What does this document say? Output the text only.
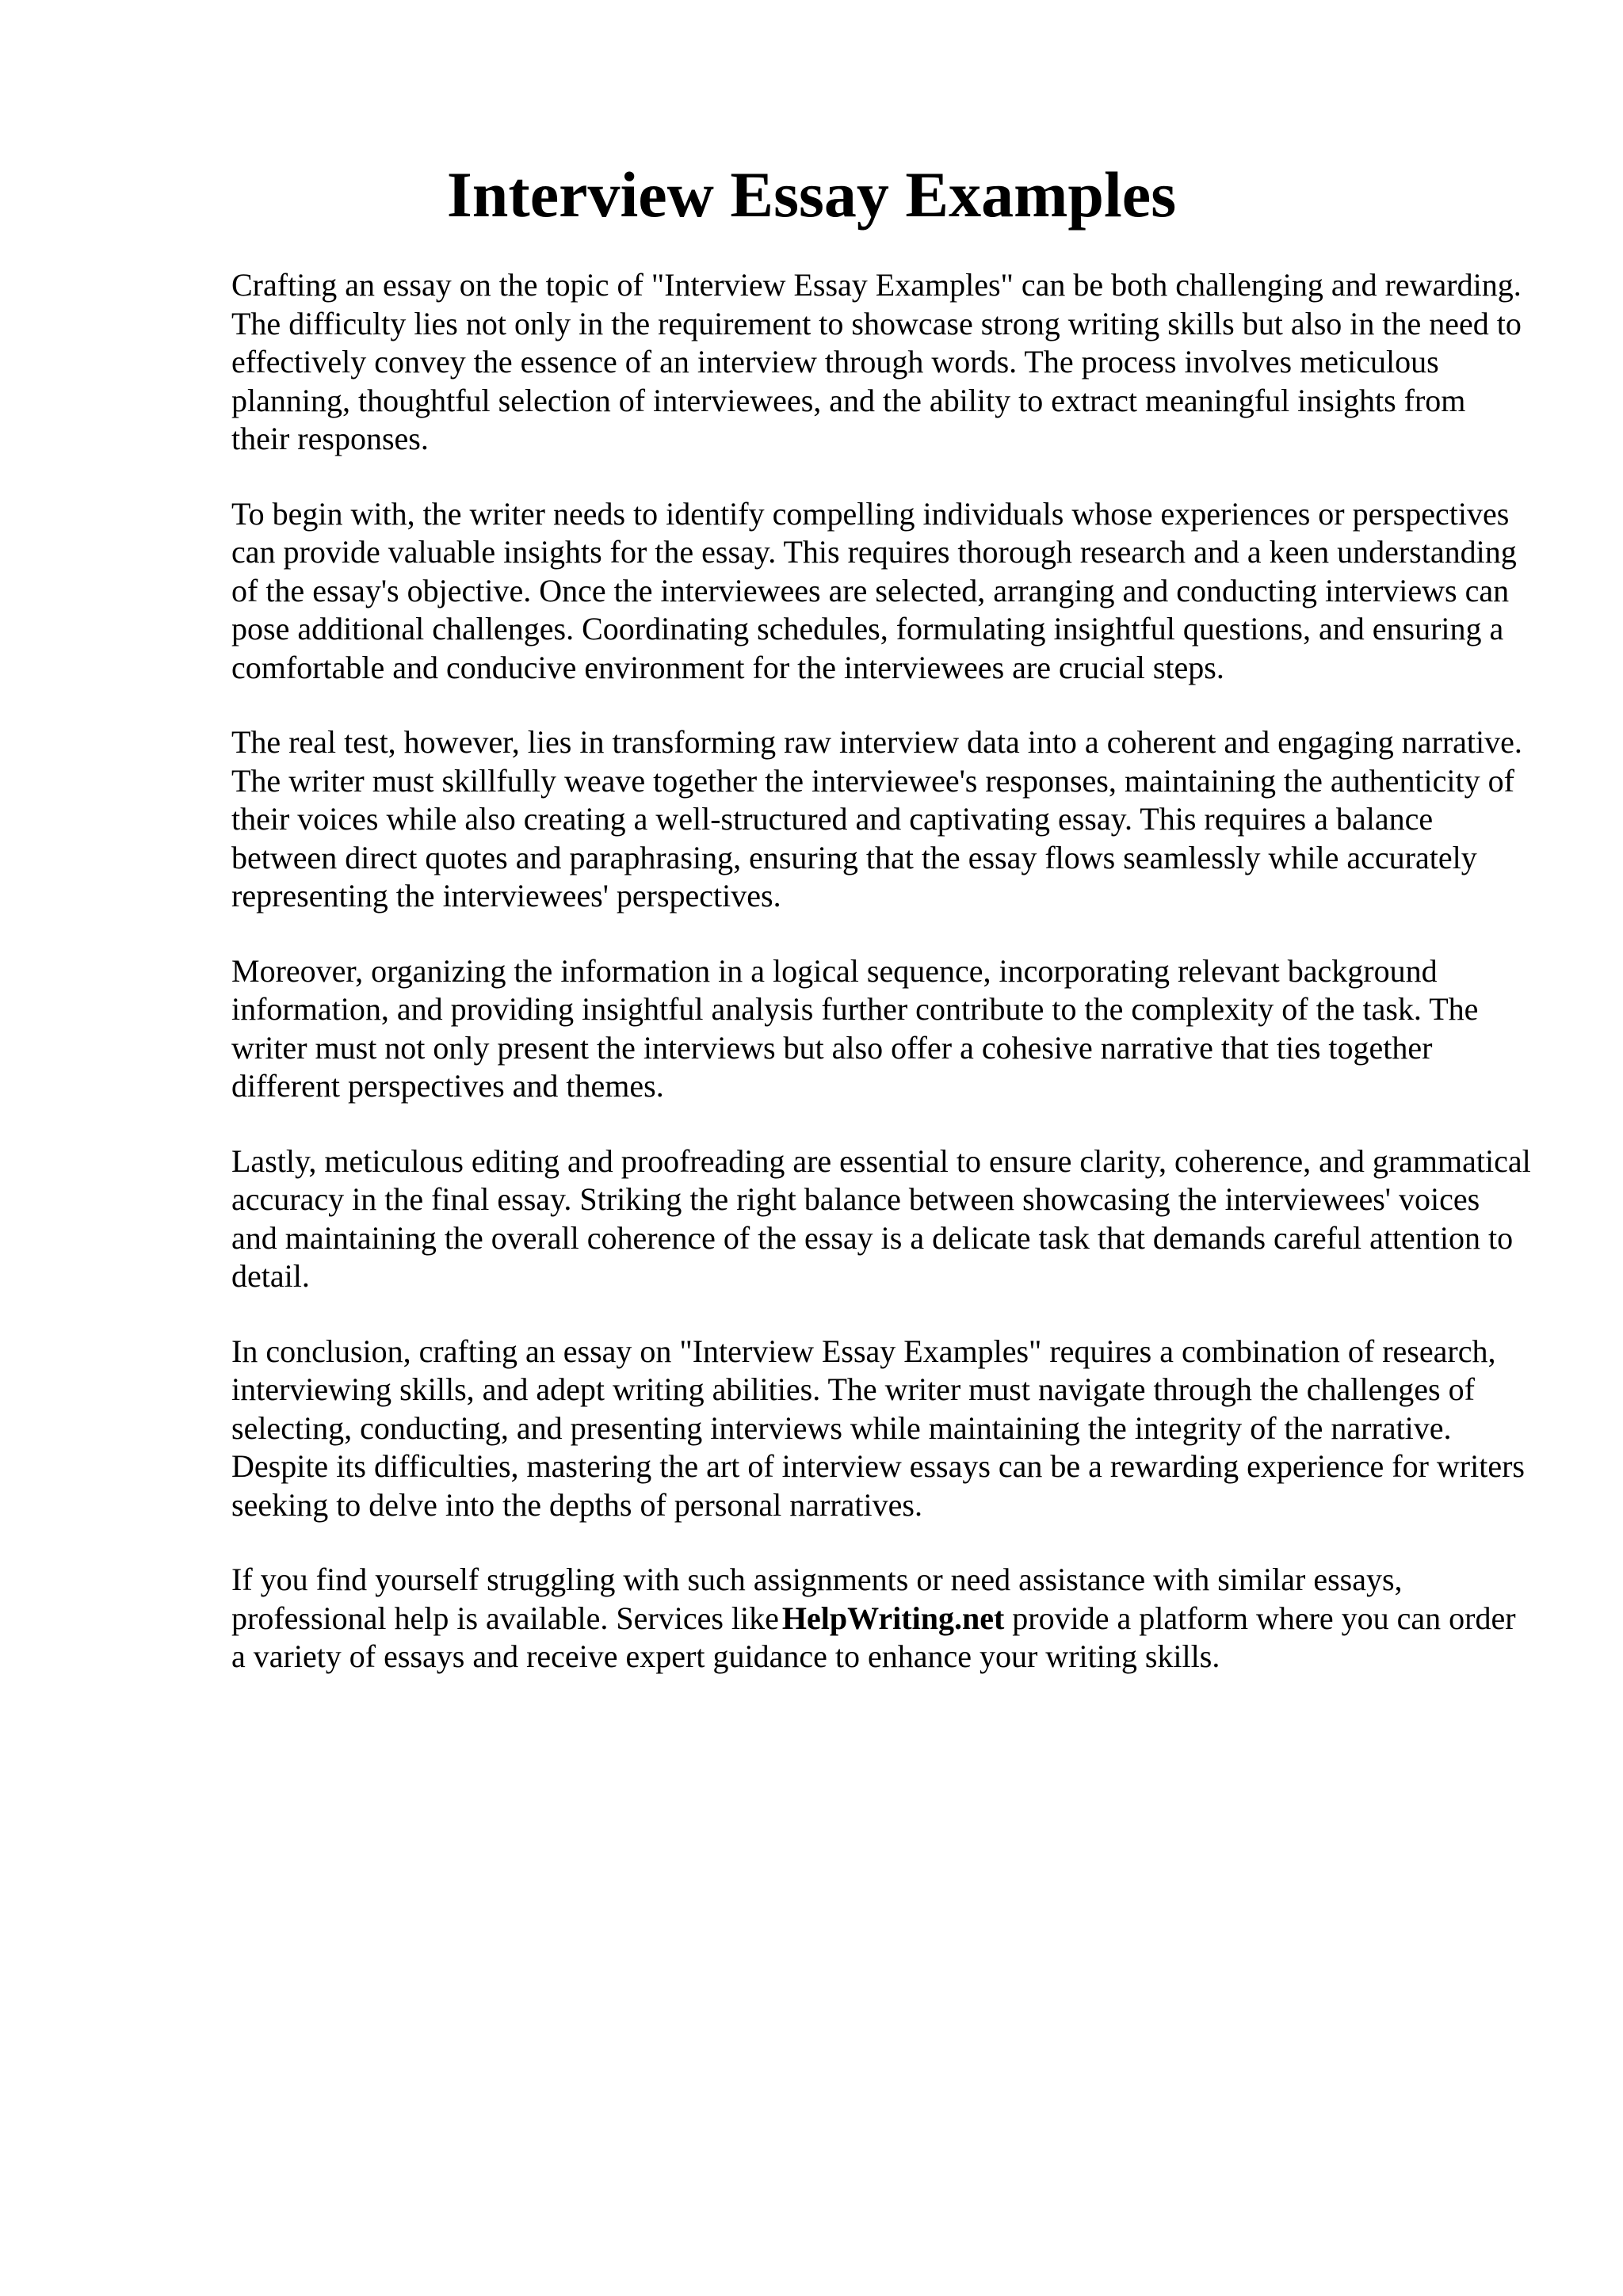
Interview Essay Examples

Crafting an essay on the topic of "Interview Essay Examples" can be both challenging and rewarding. The difficulty lies not only in the requirement to showcase strong writing skills but also in the need to effectively convey the essence of an interview through words. The process involves meticulous planning, thoughtful selection of interviewees, and the ability to extract meaningful insights from their responses.

To begin with, the writer needs to identify compelling individuals whose experiences or perspectives can provide valuable insights for the essay. This requires thorough research and a keen understanding of the essay's objective. Once the interviewees are selected, arranging and conducting interviews can pose additional challenges. Coordinating schedules, formulating insightful questions, and ensuring a comfortable and conducive environment for the interviewees are crucial steps.

The real test, however, lies in transforming raw interview data into a coherent and engaging narrative. The writer must skillfully weave together the interviewee's responses, maintaining the authenticity of their voices while also creating a well-structured and captivating essay. This requires a balance between direct quotes and paraphrasing, ensuring that the essay flows seamlessly while accurately representing the interviewees' perspectives.

Moreover, organizing the information in a logical sequence, incorporating relevant background information, and providing insightful analysis further contribute to the complexity of the task. The writer must not only present the interviews but also offer a cohesive narrative that ties together different perspectives and themes.

Lastly, meticulous editing and proofreading are essential to ensure clarity, coherence, and grammatical accuracy in the final essay. Striking the right balance between showcasing the interviewees' voices and maintaining the overall coherence of the essay is a delicate task that demands careful attention to detail.

In conclusion, crafting an essay on "Interview Essay Examples" requires a combination of research, interviewing skills, and adept writing abilities. The writer must navigate through the challenges of selecting, conducting, and presenting interviews while maintaining the integrity of the narrative. Despite its difficulties, mastering the art of interview essays can be a rewarding experience for writers seeking to delve into the depths of personal narratives.

If you find yourself struggling with such assignments or need assistance with similar essays, professional help is available. Services like HelpWriting.net provide a platform where you can order a variety of essays and receive expert guidance to enhance your writing skills.
